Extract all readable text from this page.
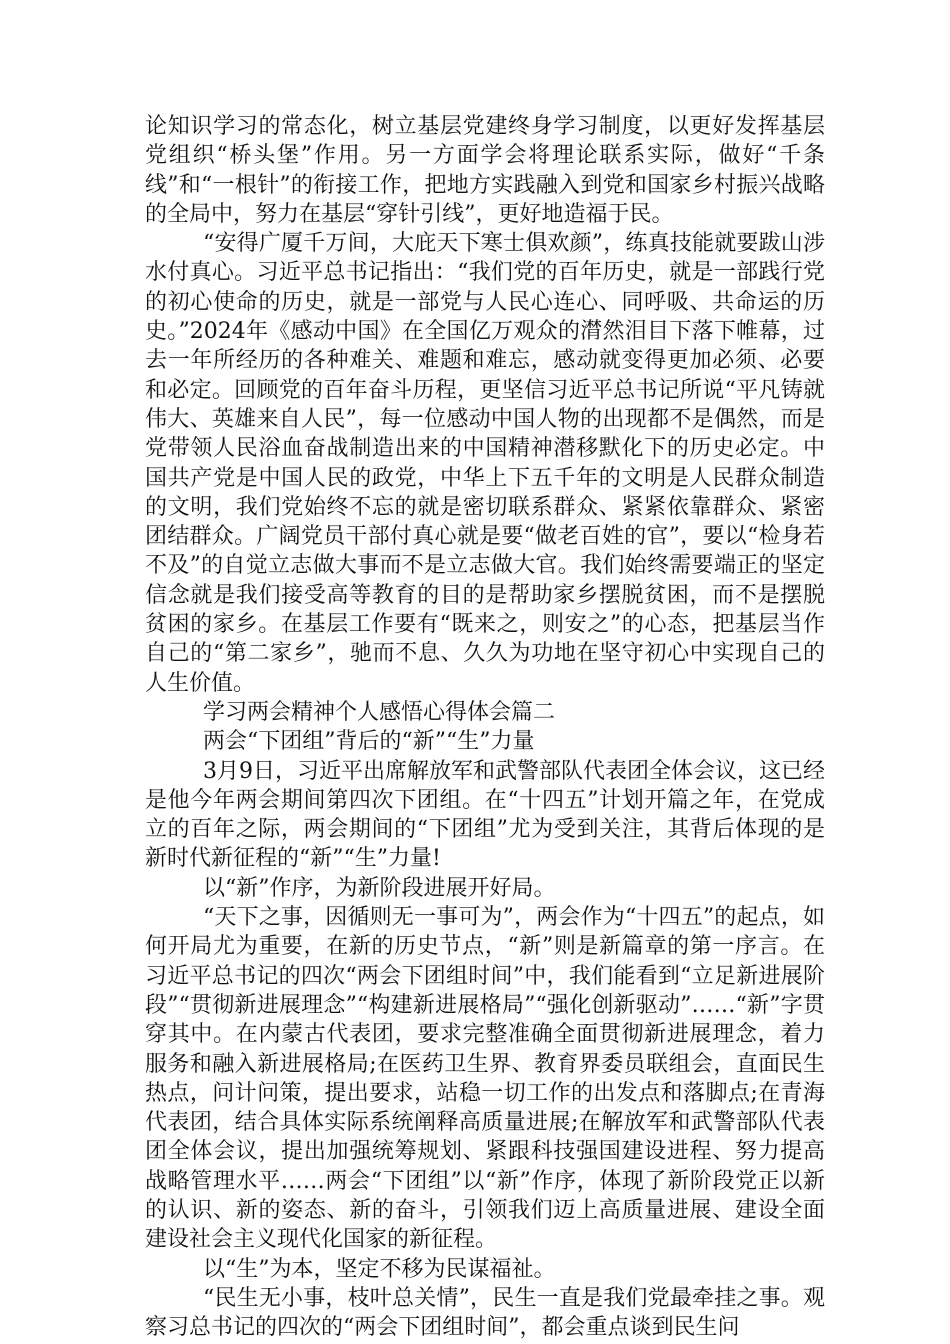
论知识学习的常态化，树立基层党建终身学习制度，以更好发挥基层党组织“桥头堡”作用。另一方面学会将理论联系实际，做好“千条线”和“一根针”的衔接工作，把地方实践融入到党和国家乡村振兴战略的全局中，努力在基层“穿针引线”，更好地造福于民。

“安得广厦千万间，大庇天下寒士俱欢颜”，练真技能就要跋山涉水付真心。习近平总书记指出：“我们党的百年历史，就是一部践行党的初心使命的历史，就是一部党与人民心连心、同呼吸、共命运的历史。”2024年《感动中国》在全国亿万观众的潸然泪目下落下帷幕，过去一年所经历的各种难关、难题和难忘，感动就变得更加必须、必要和必定。回顾党的百年奋斗历程，更坚信习近平总书记所说“平凡铸就伟大、英雄来自人民”，每一位感动中国人物的出现都不是偶然，而是党带领人民浴血奋战制造出来的中国精神潜移默化下的历史必定。中国共产党是中国人民的政党，中华上下五千年的文明是人民群众制造的文明，我们党始终不忘的就是密切联系群众、紧紧依靠群众、紧密团结群众。广阔党员干部付真心就是要“做老百姓的官”，要以“检身若不及”的自觉立志做大事而不是立志做大官。我们始终需要端正的坚定信念就是我们接受高等教育的目的是帮助家乡摆脱贫困，而不是摆脱贫困的家乡。在基层工作要有“既来之，则安之”的心态，把基层当作自己的“第二家乡”，驰而不息、久久为功地在坚守初心中实现自己的人生价值。

学习两会精神个人感悟心得体会篇二

两会“下团组”背后的“新”“生”力量

3月9日，习近平出席解放军和武警部队代表团全体会议，这已经是他今年两会期间第四次下团组。在“十四五”计划开篇之年，在党成立的百年之际，两会期间的“下团组”尤为受到关注，其背后体现的是新时代新征程的“新”“生”力量!

以“新”作序，为新阶段进展开好局。

“天下之事，因循则无一事可为”，两会作为“十四五”的起点，如何开局尤为重要，在新的历史节点，“新”则是新篇章的第一序言。在习近平总书记的四次“两会下团组时间”中，我们能看到“立足新进展阶段”“贯彻新进展理念”“构建新进展格局”“强化创新驱动”……“新”字贯穿其中。在内蒙古代表团，要求完整准确全面贯彻新进展理念，着力服务和融入新进展格局;在医药卫生界、教育界委员联组会，直面民生热点，问计问策，提出要求，站稳一切工作的出发点和落脚点;在青海代表团，结合具体实际系统阐释高质量进展;在解放军和武警部队代表团全体会议，提出加强统筹规划、紧跟科技强国建设进程、努力提高战略管理水平……两会“下团组”以“新”作序，体现了新阶段党正以新的认识、新的姿态、新的奋斗，引领我们迈上高质量进展、建设全面建设社会主义现代化国家的新征程。

以“生”为本，坚定不移为民谋福祉。

“民生无小事，枝叶总关情”，民生一直是我们党最牵挂之事。观察习总书记的四次的“两会下团组时间”，都会重点谈到民生问
